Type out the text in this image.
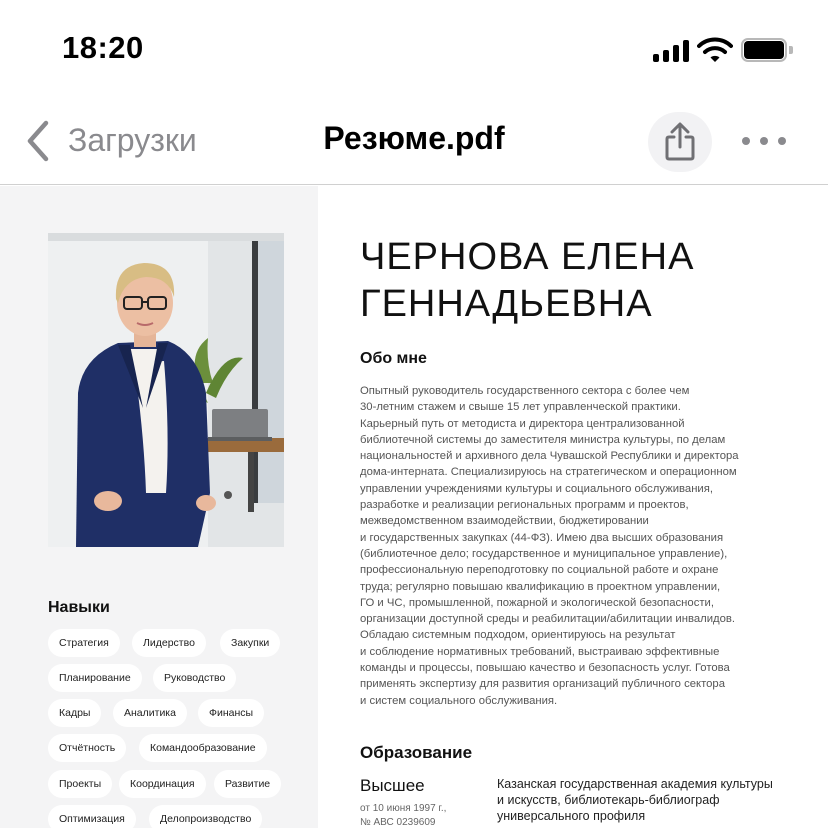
18:20
Загрузки	Резюме.pdf
Навыки
Стратегия	Лидерство	Закупки
Планирование	Руководство
Кадры	Аналитика	Финансы
Отчётность	Командообразование
Проекты	Координация	Развитие
Оптимизация	Делопроизводство
ЧЕРНОВА ЕЛЕНА
ГЕННАДЬЕВНА
Обо мне
Опытный руководитель государственного сектора с более чем
30-летним стажем и свыше 15 лет управленческой практики.
Карьерный путь от методиста и директора централизованной
библиотечной системы до заместителя министра культуры, по делам
национальностей и архивного дела Чувашской Республики и директора
дома-интерната. Специализируюсь на стратегическом и операционном
управлении учреждениями культуры и социального обслуживания,
разработке и реализации региональных программ и проектов,
межведомственном взаимодействии, бюджетировании
и государственных закупках (44-ФЗ). Имею два высших образования
(библиотечное дело; государственное и муниципальное управление),
профессиональную переподготовку по социальной работе и охране
труда; регулярно повышаю квалификацию в проектном управлении,
ГО и ЧС, промышленной, пожарной и экологической безопасности,
организации доступной среды и реабилитации/абилитации инвалидов.
Обладаю системным подходом, ориентируюсь на результат
и соблюдение нормативных требований, выстраиваю эффективные
команды и процессы, повышаю качество и безопасность услуг. Готова
применять экспертизу для развития организаций публичного сектора
и систем социального обслуживания.
Образование
Высшее
от 10 июня 1997 г.,
№ АВС 0239609
Казанская государственная академия культуры
и искусств, библиотекарь-библиограф
универсального профиля
